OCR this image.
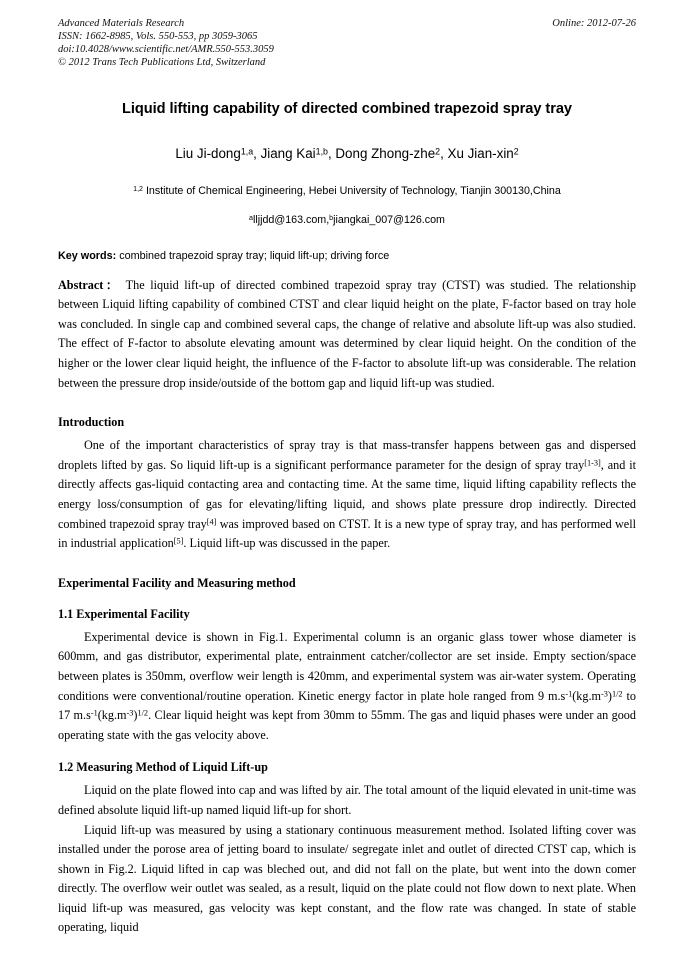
Advanced Materials Research	Online: 2012-07-26
ISSN: 1662-8985, Vols. 550-553, pp 3059-3065
doi:10.4028/www.scientific.net/AMR.550-553.3059
© 2012 Trans Tech Publications Ltd, Switzerland
Liquid lifting capability of directed combined trapezoid spray tray
Liu Ji-dong$^{1,a}$, Jiang Kai$^{1,b}$, Dong Zhong-zhe$^2$, Xu Jian-xin$^2$
$^{1,2}$ Institute of Chemical Engineering, Hebei University of Technology, Tianjin 300130,China
$^a$lljjdd@163.com,$^b$jiangkai_007@126.com
Key words: combined trapezoid spray tray; liquid lift-up; driving force
Abstract： The liquid lift-up of directed combined trapezoid spray tray (CTST) was studied. The relationship between Liquid lifting capability of combined CTST and clear liquid height on the plate, F-factor based on tray hole was concluded. In single cap and combined several caps, the change of relative and absolute lift-up was also studied. The effect of F-factor to absolute elevating amount was determined by clear liquid height. On the condition of the higher or the lower clear liquid height, the influence of the F-factor to absolute lift-up was considerable. The relation between the pressure drop inside/outside of the bottom gap and liquid lift-up was studied.
Introduction

One of the important characteristics of spray tray is that mass-transfer happens between gas and dispersed droplets lifted by gas. So liquid lift-up is a significant performance parameter for the design of spray tray[1-3], and it directly affects gas-liquid contacting area and contacting time. At the same time, liquid lifting capability reflects the energy loss/consumption of gas for elevating/lifting liquid, and shows plate pressure drop indirectly. Directed combined trapezoid spray tray[4] was improved based on CTST. It is a new type of spray tray, and has performed well in industrial application[5]. Liquid lift-up was discussed in the paper.

Experimental Facility and Measuring method
1.1 Experimental Facility

Experimental device is shown in Fig.1. Experimental column is an organic glass tower whose diameter is 600mm, and gas distributor, experimental plate, entrainment catcher/collector are set inside. Empty section/space between plates is 350mm, overflow weir length is 420mm, and experimental system was air-water system. Operating conditions were conventional/routine operation. Kinetic energy factor in plate hole ranged from 9 $m.s^{-1}(kg.m^{-3})^{1/2}$ to 17 $m.s^{-1}(kg.m^{-3})^{1/2}$. Clear liquid height was kept from 30mm to 55mm. The gas and liquid phases were under an good operating state with the gas velocity above.

1.2 Measuring Method of Liquid Lift-up

Liquid on the plate flowed into cap and was lifted by air. The total amount of the liquid elevated in unit-time was defined absolute liquid lift-up named liquid lift-up for short.

Liquid lift-up was measured by using a stationary continuous measurement method. Isolated lifting cover was installed under the porose area of jetting board to insulate/ segregate inlet and outlet of directed CTST cap, which is shown in Fig.2. Liquid lifted in cap was bleched out, and did not fall on the plate, but went into the down comer directly. The overflow weir outlet was sealed, as a result, liquid on the plate could not flow down to next plate. When liquid lift-up was measured, gas velocity was kept constant, and the flow rate was changed. In state of stable operating, liquid
